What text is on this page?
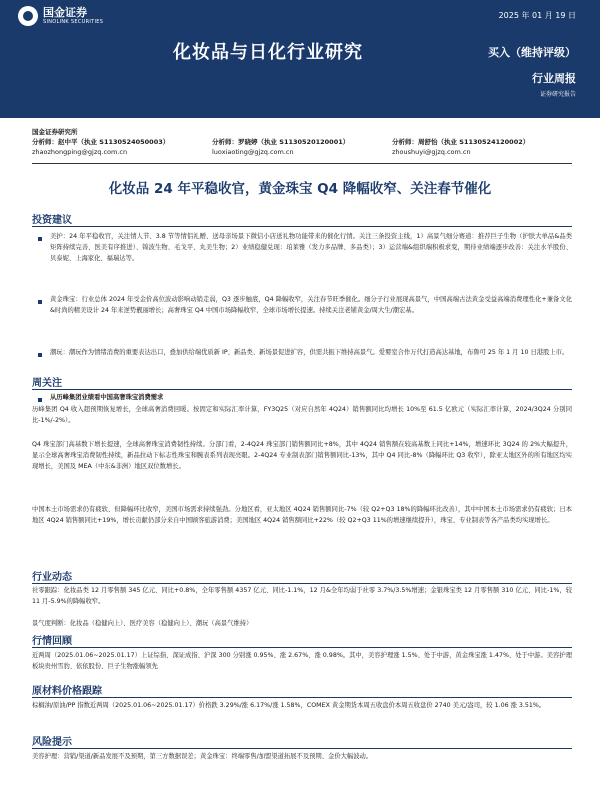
国金证券
SINOLINK SECURITIES
2025 年 01 月 19 日
化妆品与日化行业研究	买入（维持评级）
行业周报
证券研究报告
国金证券研究所
分析师：赵中平（执业 S1130524050003）
zhaozhongping@gjzq.com.cn
分析师：罗晓婷（执业 S1130520120001）
luoxiaoting@gjzq.com.cn
分析师：周舒怡（执业 S1130524120002）
zhoushuyi@gjzq.com.cn
化妆品 24 年平稳收官，黄金珠宝 Q4 降幅收窄、关注春节催化
投资建议
美护：24 年平稳收官，关注情人节、3.8 节等情侣礼赠、送母亲场景下微信小店送礼物功能带来的催化行情。关注三条投资主线，1）高景气细分赛道：推荐巨子生物（护肤大单品&品类矩阵持续完善、医美有序推进）、锦波生物、毛戈平、丸美生物；2）业绩稳健兑现：珀莱雅（发力多品牌、多品类）；3）运营端&组织端积极求变，期待业绩端逐步改善：关注水羊股份、贝泰妮、上海家化、福瑞达等。
黄金珠宝：行业总体 2024 年受金价高位波动影响动销走弱，Q3 逐步触底，Q4 降幅收窄，关注春节旺季催化。细分子行业展现高景气，中国高端古法黄金受益高端消费理性化+兼备文化&时尚的精美设计 24 年来逆势靓丽增长；高奢珠宝 Q4 中国市场降幅收窄，全球市场增长提速。持续关注老铺黄金/周大生/潮宏基。
潮玩：潮玩作为情绪消费的重要表达出口，叠加供给端优质新 IP、新品类、新场景促进扩容，供需共振下维持高景气。爱婴室合作万代打造高达基地，布鲁可 25 年 1 月 10 日港股上市。
周关注
从历峰集团业绩看中国高奢珠宝消费需求
历峰集团 Q4 收入超预期恢复增长，全球高奢消费回暖。按固定和实际汇率计算，FY3Q25（对应自然年 4Q24）销售额同比均增长 10%至 61.5 亿欧元（实际汇率计算，2024/3Q24 分别同比-1%/-2%）。
Q4 珠宝部门高基数下增长提速，全球高奢珠宝消费韧性持续。分部门看，2-4Q24 珠宝部门销售额同比+8%，其中 4Q24 销售额在较高基数上同比+14%，增速环比 3Q24 的 2%大幅提升，显示全球高奢珠宝消费韧性持续，新品拉动下标志性珠宝和腕表系列表现亮眼。2-4Q24 专业制表部门销售额同比-13%，其中 Q4 同比-8%（降幅环比 Q3 收窄），除亚太地区外的所有地区均实现增长，美国及 MEA（中东&非洲）地区双位数增长。
中国本土市场需求仍有疲软、但降幅环比收窄，美国市场需求持续强劲。分地区看，亚太地区 4Q24 销售额同比-7%（较 Q2+Q3 18%的降幅环比改善），其中中国本土市场需求仍有疲软；日本地区 4Q24 销售额同比+19%，增长贡献仍部分来自中国顾客旅游消费；美国地区 4Q24 销售额同比+22%（较 Q2+Q3 11%的增速继续提升），珠宝、专业制表等各产品类均实现增长。
行业动态
社零跟踪：化妆品类 12 月零售额 345 亿元、同比+0.8%，全年零售额 4357 亿元、同比-1.1%，12 月&全年均弱于社零 3.7%/3.5%增速；金银珠宝类 12 月零售额 310 亿元、同比-1%，较 11 月-5.9%的降幅收窄。
景气度判断：化妆品（稳健向上）、医疗美容（稳健向上）、潮玩（高景气维持）
行情回顾
近两周（2025.01.06~2025.01.17）上证综指、深证成指、沪深 300 分别涨 0.95%、涨 2.67%、涨 0.98%。其中，美容护理涨 1.5%、处于中游，黄金珠宝涨 1.47%、处于中游。美容护理板块贵州雪豹、依依股份、巨子生物涨幅领先
原材料价格跟踪
棕榈油/原油/PP 指数近两周（2025.01.06~2025.01.17）价格跌 3.29%/涨 6.17%/涨 1.58%，COMEX 黄金期货本周五收盘价本周五收盘价 2740 美元/盎司，较 1.06 涨 3.51%。
风险提示
美容护理：营销/渠道/新品发展不及预期，第三方数据误差；黄金珠宝：终端零售/加盟渠道拓展不及预期、金价大幅波动。
